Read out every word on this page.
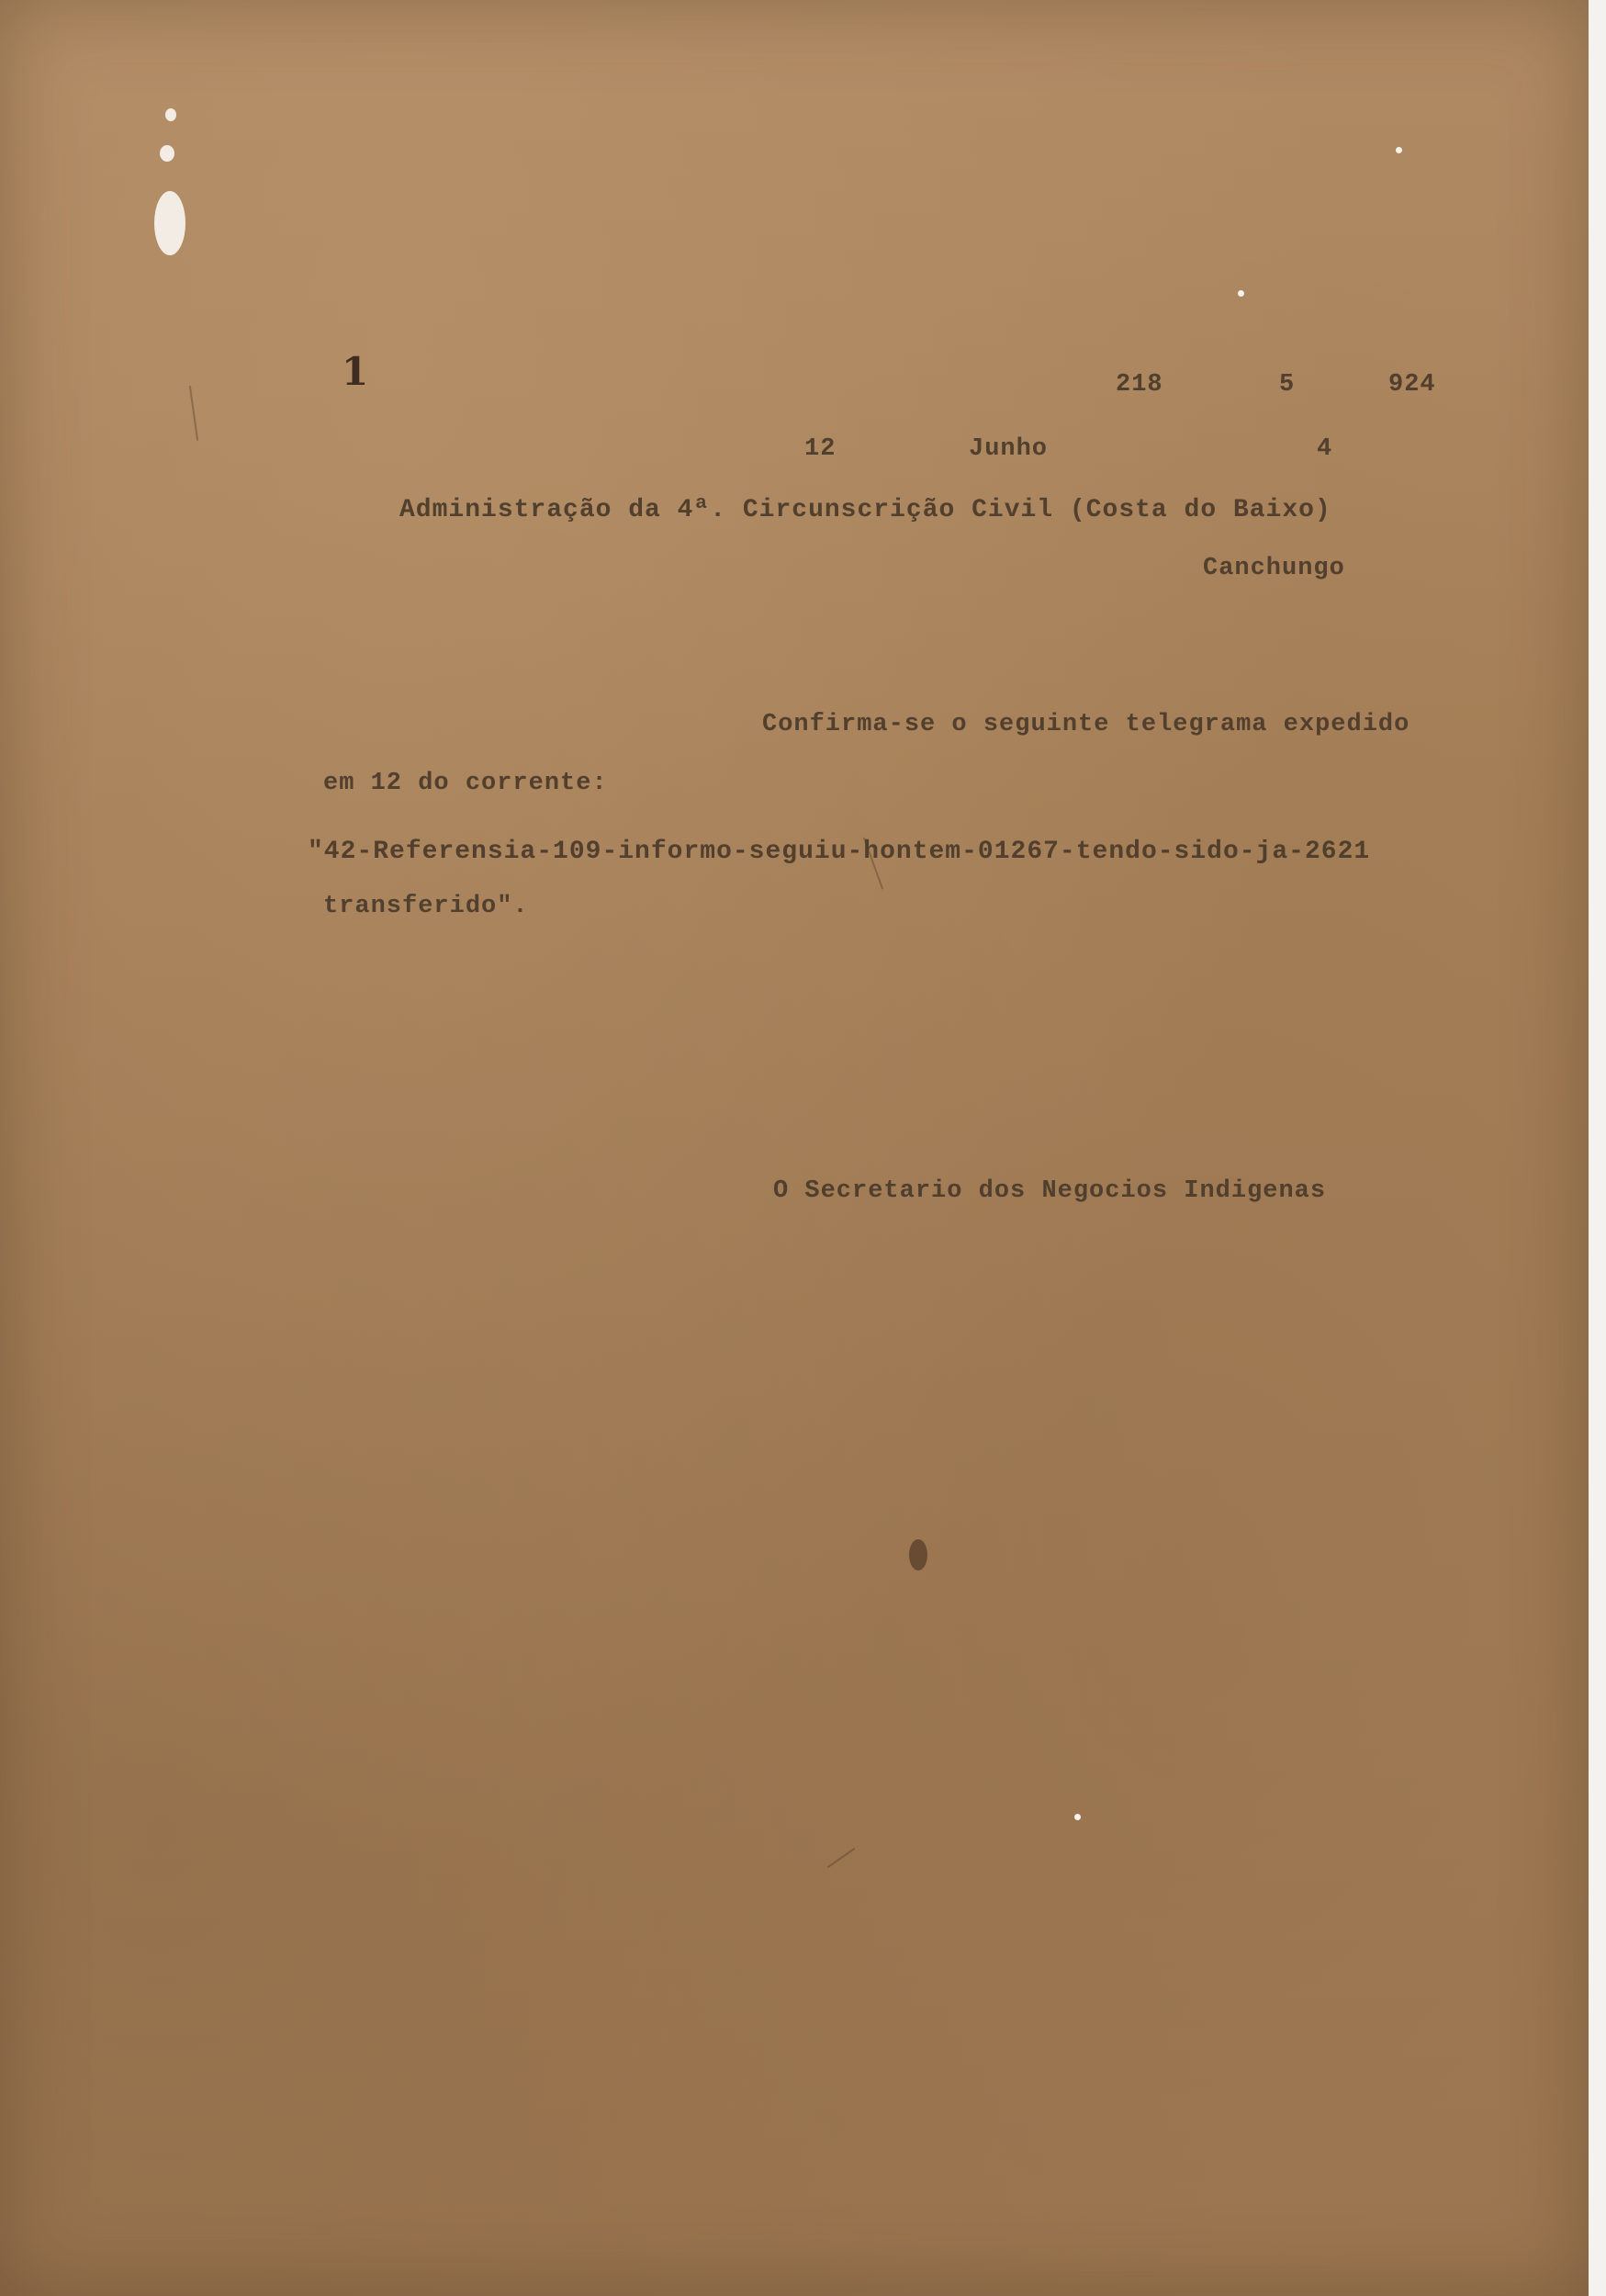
1	218	5	924
12	Junho	4
Administração da 4ª. Circunscrição Civil (Costa do Baixo)
Canchungo
Confirma-se o seguinte telegrama expedido
em 12 do corrente:
"42-Referensia-109-informo-seguiu-hontem-01267-tendo-sido-ja-2621
transferido".
O Secretario dos Negocios Indigenas
